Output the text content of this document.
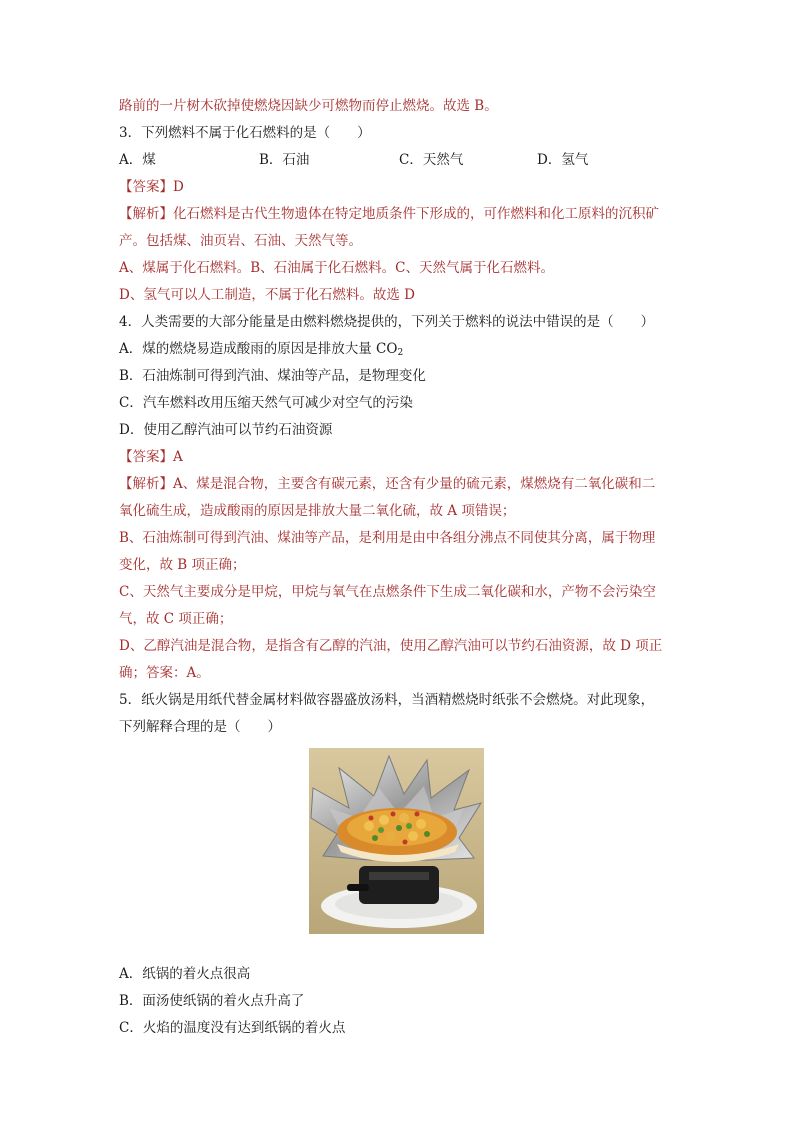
路前的一片树木砍掉使燃烧因缺少可燃物而停止燃烧。故选 B。
3．下列燃料不属于化石燃料的是（　　）
A．煤	B．石油	C．天然气	D．氢气
【答案】D
【解析】化石燃料是古代生物遗体在特定地质条件下形成的，可作燃料和化工原料的沉积矿
产。包括煤、油页岩、石油、天然气等。
A、煤属于化石燃料。B、石油属于化石燃料。C、天然气属于化石燃料。
D、氢气可以人工制造，不属于化石燃料。故选 D
4．人类需要的大部分能量是由燃料燃烧提供的，下列关于燃料的说法中错误的是（　　）
A．煤的燃烧易造成酸雨的原因是排放大量 $CO_2$
B．石油炼制可得到汽油、煤油等产品，是物理变化
C．汽车燃料改用压缩天然气可减少对空气的污染
D．使用乙醇汽油可以节约石油资源
【答案】A
【解析】A、煤是混合物，主要含有碳元素，还含有少量的硫元素，煤燃烧有二氧化碳和二
氧化硫生成，造成酸雨的原因是排放大量二氧化硫，故 A 项错误；
B、石油炼制可得到汽油、煤油等产品，是利用是由中各组分沸点不同使其分离，属于物理
变化，故 B 项正确；
C、天然气主要成分是甲烷，甲烷与氧气在点燃条件下生成二氧化碳和水，产物不会污染空
气，故 C 项正确；
D、乙醇汽油是混合物，是指含有乙醇的汽油，使用乙醇汽油可以节约石油资源，故 D 项正
确；答案：A。
5．纸火锅是用纸代替金属材料做容器盛放汤料，当酒精燃烧时纸张不会燃烧。对此现象，
下列解释合理的是（　　）
A．纸锅的着火点很高
B．面汤使纸锅的着火点升高了
C．火焰的温度没有达到纸锅的着火点
